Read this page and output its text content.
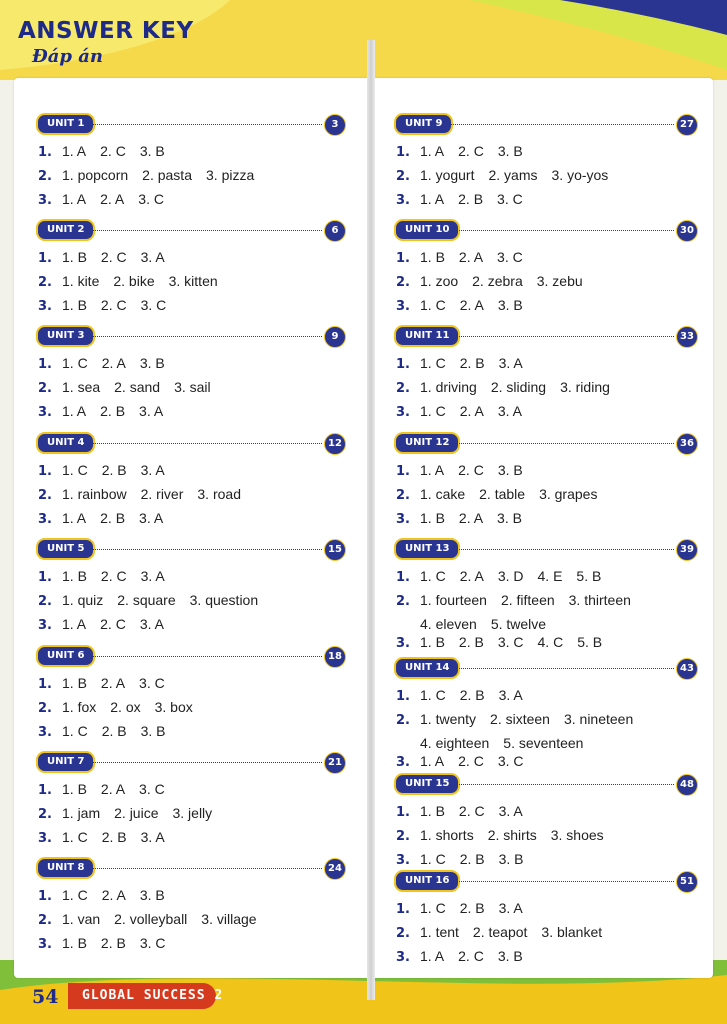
ANSWER KEY
Đáp án
UNIT 1	3
1. 1. A 2. C 3. B
2. 1. popcorn 2. pasta 3. pizza
3. 1. A 2. A 3. C
UNIT 2	6
1. 1. B 2. C 3. A
2. 1. kite 2. bike 3. kitten
3. 1. B 2. C 3. C
UNIT 3	9
1. 1. C 2. A 3. B
2. 1. sea 2. sand 3. sail
3. 1. A 2. B 3. A
UNIT 4	12
1. 1. C 2. B 3. A
2. 1. rainbow 2. river 3. road
3. 1. A 2. B 3. A
UNIT 5	15
1. 1. B 2. C 3. A
2. 1. quiz 2. square 3. question
3. 1. A 2. C 3. A
UNIT 6	18
1. 1. B 2. A 3. C
2. 1. fox 2. ox 3. box
3. 1. C 2. B 3. B
UNIT 7	21
1. 1. B 2. A 3. C
2. 1. jam 2. juice 3. jelly
3. 1. C 2. B 3. A
UNIT 8	24
1. 1. C 2. A 3. B
2. 1. van 2. volleyball 3. village
3. 1. B 2. B 3. C
UNIT 9	27
1. 1. A 2. C 3. B
2. 1. yogurt 2. yams 3. yo-yos
3. 1. A 2. B 3. C
UNIT 10	30
1. 1. B 2. A 3. C
2. 1. zoo 2. zebra 3. zebu
3. 1. C 2. A 3. B
UNIT 11	33
1. 1. C 2. B 3. A
2. 1. driving 2. sliding 3. riding
3. 1. C 2. A 3. A
UNIT 12	36
1. 1. A 2. C 3. B
2. 1. cake 2. table 3. grapes
3. 1. B 2. A 3. B
UNIT 13	39
1. 1. C 2. A 3. D 4. E 5. B
2. 1. fourteen 2. fifteen 3. thirteen
4. eleven 5. twelve
3. 1. B 2. B 3. C 4. C 5. B
UNIT 14	43
1. 1. C 2. B 3. A
2. 1. twenty 2. sixteen 3. nineteen
4. eighteen 5. seventeen
3. 1. A 2. C 3. C
UNIT 15	48
1. 1. B 2. C 3. A
2. 1. shorts 2. shirts 3. shoes
3. 1. C 2. B 3. B
UNIT 16	51
1. 1. C 2. B 3. A
2. 1. tent 2. teapot 3. blanket
3. 1. A 2. C 3. B
54 GLOBAL SUCCESS 2
